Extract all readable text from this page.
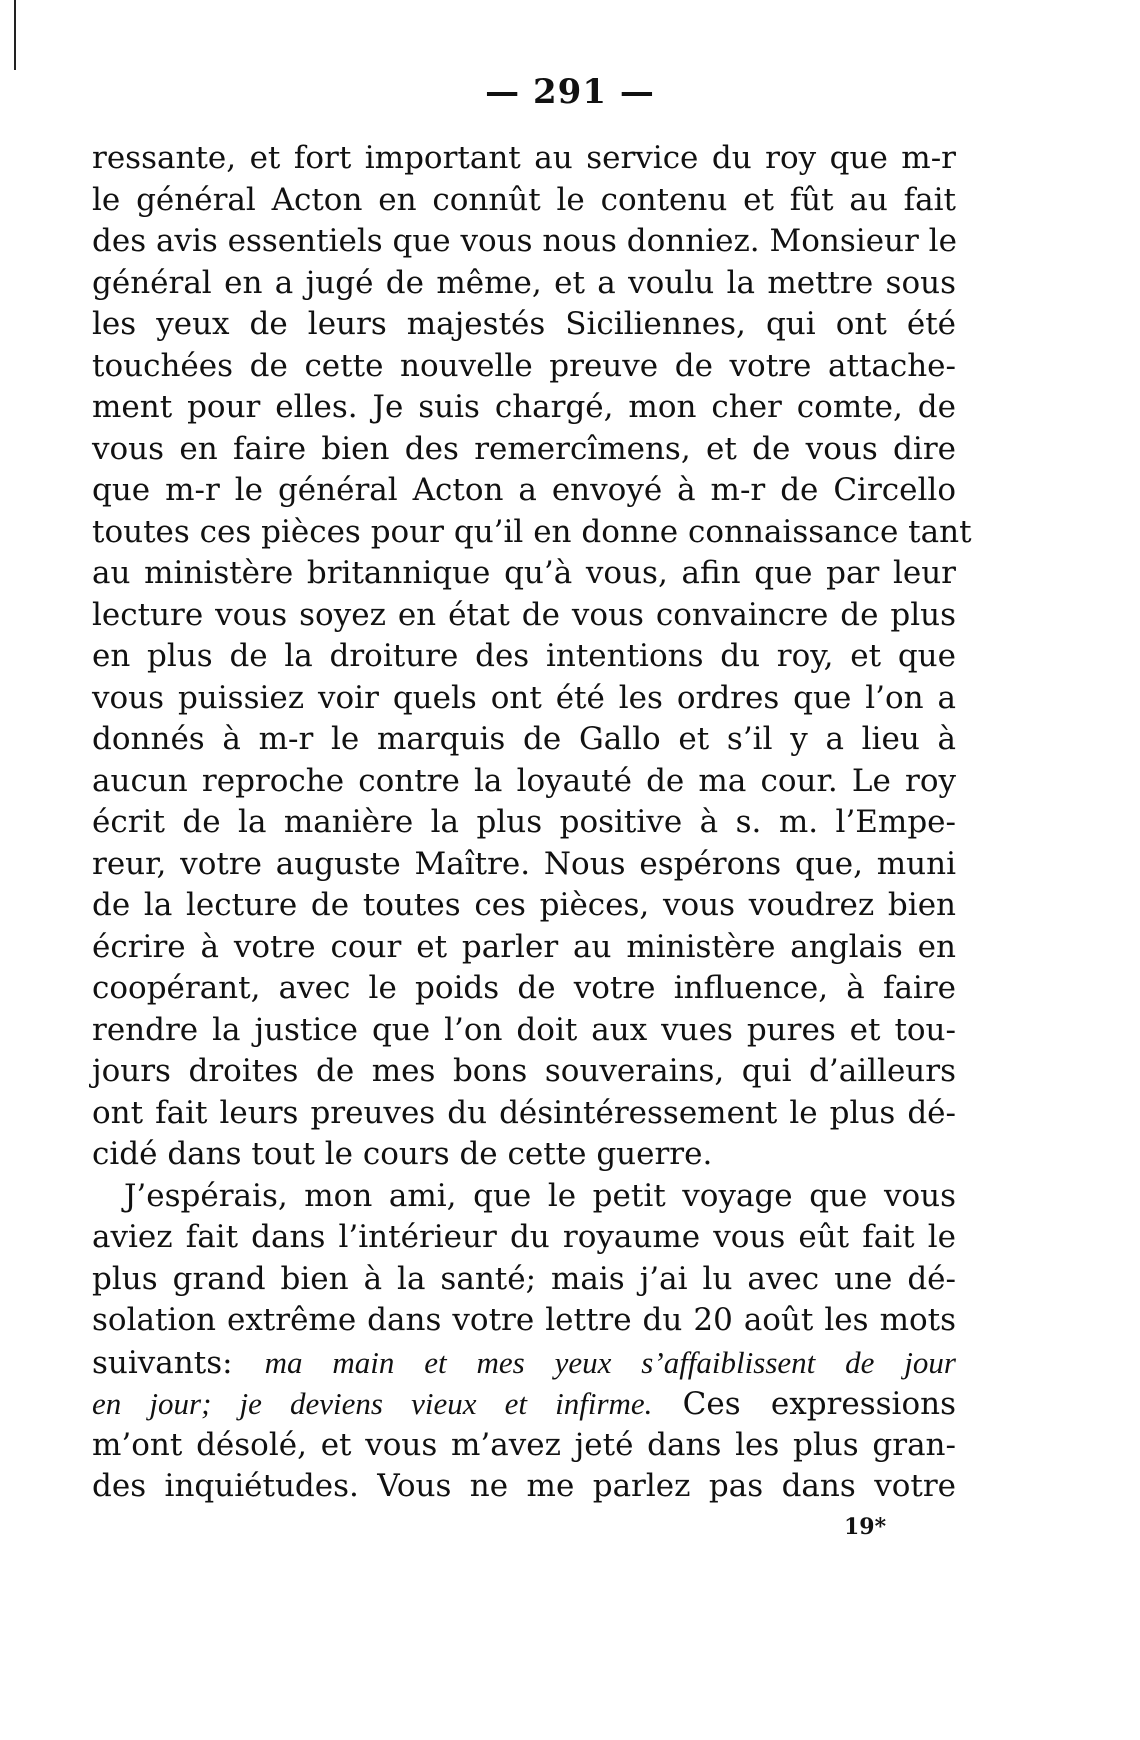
— 291 —
ressante, et fort important au service du roy que m-r
le général Acton en connût le contenu et fût au fait
des avis essentiels que vous nous donniez. Monsieur le
général en a jugé de même, et a voulu la mettre sous
les yeux de leurs majestés Siciliennes, qui ont été
touchées de cette nouvelle preuve de votre attache-
ment pour elles. Je suis chargé, mon cher comte, de
vous en faire bien des remercîmens, et de vous dire
que m-r le général Acton a envoyé à m-r de Circello
toutes ces pièces pour qu’il en donne connaissance tant
au ministère britannique qu’à vous, afin que par leur
lecture vous soyez en état de vous convaincre de plus
en plus de la droiture des intentions du roy, et que
vous puissiez voir quels ont été les ordres que l’on a
donnés à m-r le marquis de Gallo et s’il y a lieu à
aucun reproche contre la loyauté de ma cour. Le roy
écrit de la manière la plus positive à s. m. l’Empe-
reur, votre auguste Maître. Nous espérons que, muni
de la lecture de toutes ces pièces, vous voudrez bien
écrire à votre cour et parler au ministère anglais en
coopérant, avec le poids de votre influence, à faire
rendre la justice que l’on doit aux vues pures et tou-
jours droites de mes bons souverains, qui d’ailleurs
ont fait leurs preuves du désintéressement le plus dé-
cidé dans tout le cours de cette guerre.
J’espérais, mon ami, que le petit voyage que vous
aviez fait dans l’intérieur du royaume vous eût fait le
plus grand bien à la santé; mais j’ai lu avec une dé-
solation extrême dans votre lettre du 20 août les mots
suivants: ma main et mes yeux s’affaiblissent de jour
en jour; je deviens vieux et infirme. Ces expressions
m’ont désolé, et vous m’avez jeté dans les plus gran-
des inquiétudes. Vous ne me parlez pas dans votre
19*
